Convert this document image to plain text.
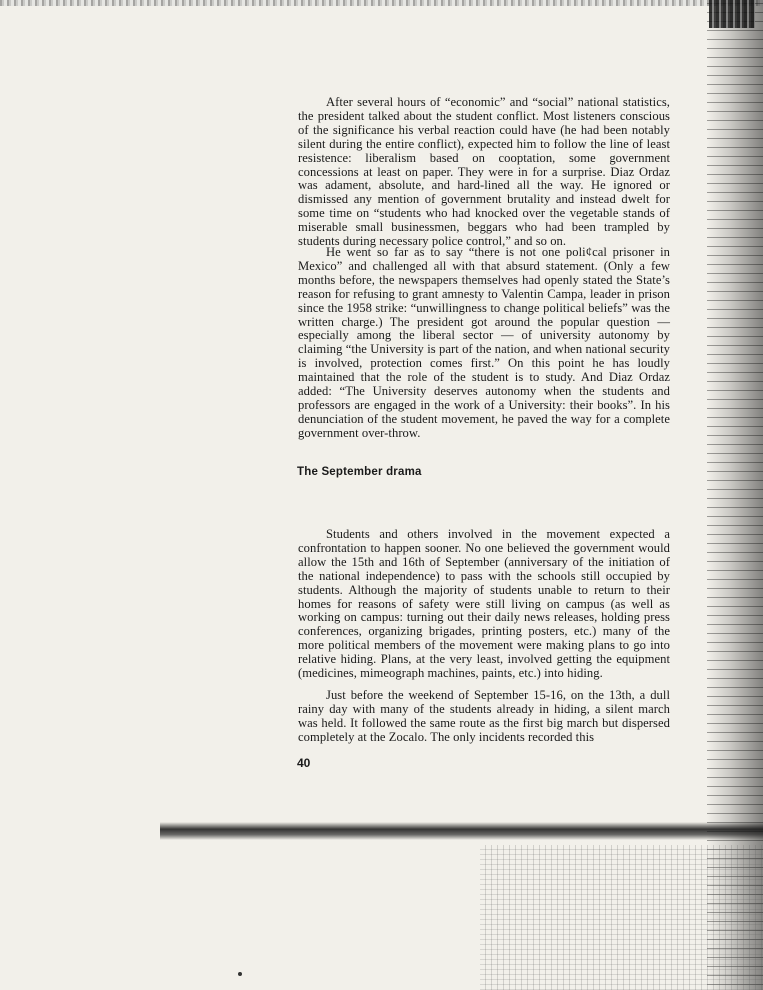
After several hours of “economic” and “social” national statistics, the president talked about the student conflict. Most listeners conscious of the significance his verbal reaction could have (he had been notably silent during the entire conflict), expected him to follow the line of least resistence: liberalism based on cooptation, some government concessions at least on paper. They were in for a surprise. Diaz Ordaz was adament, absolute, and hard-lined all the way. He ignored or dismissed any mention of government brutality and instead dwelt for some time on “students who had knocked over the vegetable stands of miserable small businessmen, beggars who had been trampled by students during necessary police control,” and so on.

He went so far as to say “there is not one poli¢cal prisoner in Mexico” and challenged all with that absurd statement. (Only a few months before, the newspapers themselves had openly stated the State’s reason for refusing to grant amnesty to Valentin Campa, leader in prison since the 1958 strike: “unwillingness to change political beliefs” was the written charge.) The president got around the popular question — especially among the liberal sector — of university autonomy by claiming “the University is part of the nation, and when national security is involved, protection comes first.” On this point he has loudly maintained that the role of the student is to study. And Diaz Ordaz added: “The University deserves autonomy when the students and professors are engaged in the work of a University: their books”. In his denunciation of the student movement, he paved the way for a complete government over-throw.

The September drama

Students and others involved in the movement expected a confrontation to happen sooner. No one believed the government would allow the 15th and 16th of September (anniversary of the initiation of the national independence) to pass with the schools still occupied by students. Although the majority of students unable to return to their homes for reasons of safety were still living on campus (as well as working on campus: turning out their daily news releases, holding press conferences, organizing brigades, printing posters, etc.) many of the more political members of the movement were making plans to go into relative hiding. Plans, at the very least, involved getting the equipment (medicines, mimeograph machines, paints, etc.) into hiding.

Just before the weekend of September 15-16, on the 13th, a dull rainy day with many of the students already in hiding, a silent march was held. It followed the same route as the first big march but dispersed completely at the Zocalo. The only incidents recorded this

40
